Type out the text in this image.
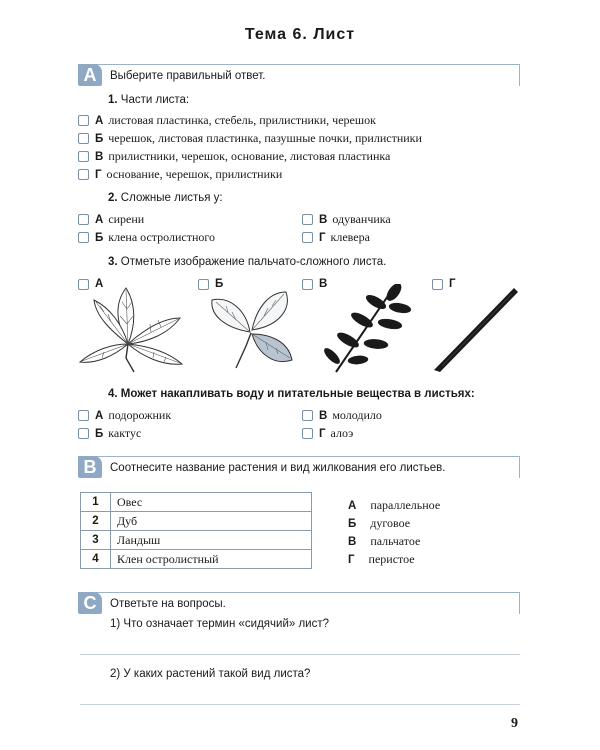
Тема 6. Лист
A	Выберите правильный ответ.
1. Части листа:
А листовая пластинка, стебель, прилистники, черешок
Б черешок, листовая пластинка, пазушные почки, прилистники
В прилистники, черешок, основание, листовая пластинка
Г основание, черешок, прилистники
2. Сложные листья у:
А сирени
Б клена остролистного
В одуванчика
Г клевера
3. Отметьте изображение пальчато-сложного листа.
А	Б	В	Г
4. Может накапливать воду и питательные вещества в листьях:
А подорожник
Б кактус
В молодило
Г алоэ
B	Соотнесите название растения и вид жилкования его листьев.
1	Овес
2	Дуб
3	Ландыш
4	Клен остролистный
А параллельное
Б дуговое
В пальчатое
Г перистое
C	Ответьте на вопросы.
1) Что означает термин «сидячий» лист?
2) У каких растений такой вид листа?
9
